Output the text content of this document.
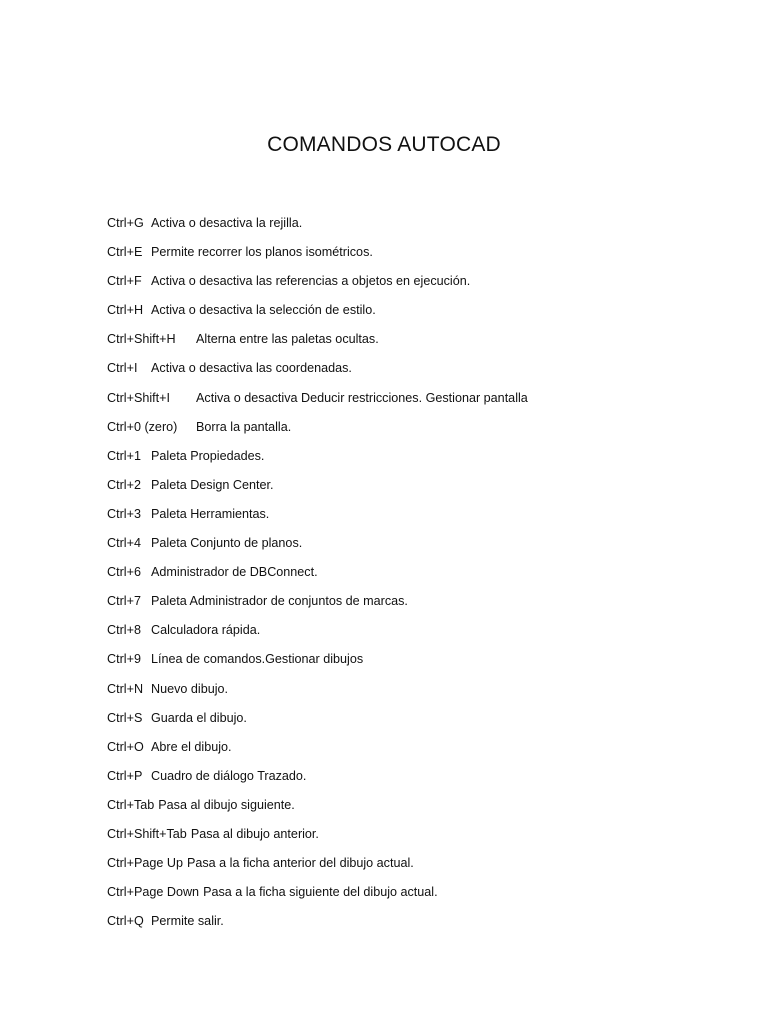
COMANDOS AUTOCAD
Ctrl+G Activa o desactiva la rejilla.
Ctrl+E Permite recorrer los planos isométricos.
Ctrl+F Activa o desactiva las referencias a objetos en ejecución.
Ctrl+H Activa o desactiva la selección de estilo.
Ctrl+Shift+H	Alterna entre las paletas ocultas.
Ctrl+I	Activa o desactiva las coordenadas.
Ctrl+Shift+I	Activa o desactiva Deducir restricciones. Gestionar pantalla
Ctrl+0 (zero)	Borra la pantalla.
Ctrl+1 Paleta Propiedades.
Ctrl+2 Paleta Design Center.
Ctrl+3 Paleta Herramientas.
Ctrl+4 Paleta Conjunto de planos.
Ctrl+6 Administrador de DBConnect.
Ctrl+7 Paleta Administrador de conjuntos de marcas.
Ctrl+8 Calculadora rápida.
Ctrl+9 Línea de comandos.Gestionar dibujos
Ctrl+N Nuevo dibujo.
Ctrl+S Guarda el dibujo.
Ctrl+O Abre el dibujo.
Ctrl+P Cuadro de diálogo Trazado.
Ctrl+Tab Pasa al dibujo siguiente.
Ctrl+Shift+Tab Pasa al dibujo anterior.
Ctrl+Page Up Pasa a la ficha anterior del dibujo actual.
Ctrl+Page Down Pasa a la ficha siguiente del dibujo actual.
Ctrl+Q Permite salir.
